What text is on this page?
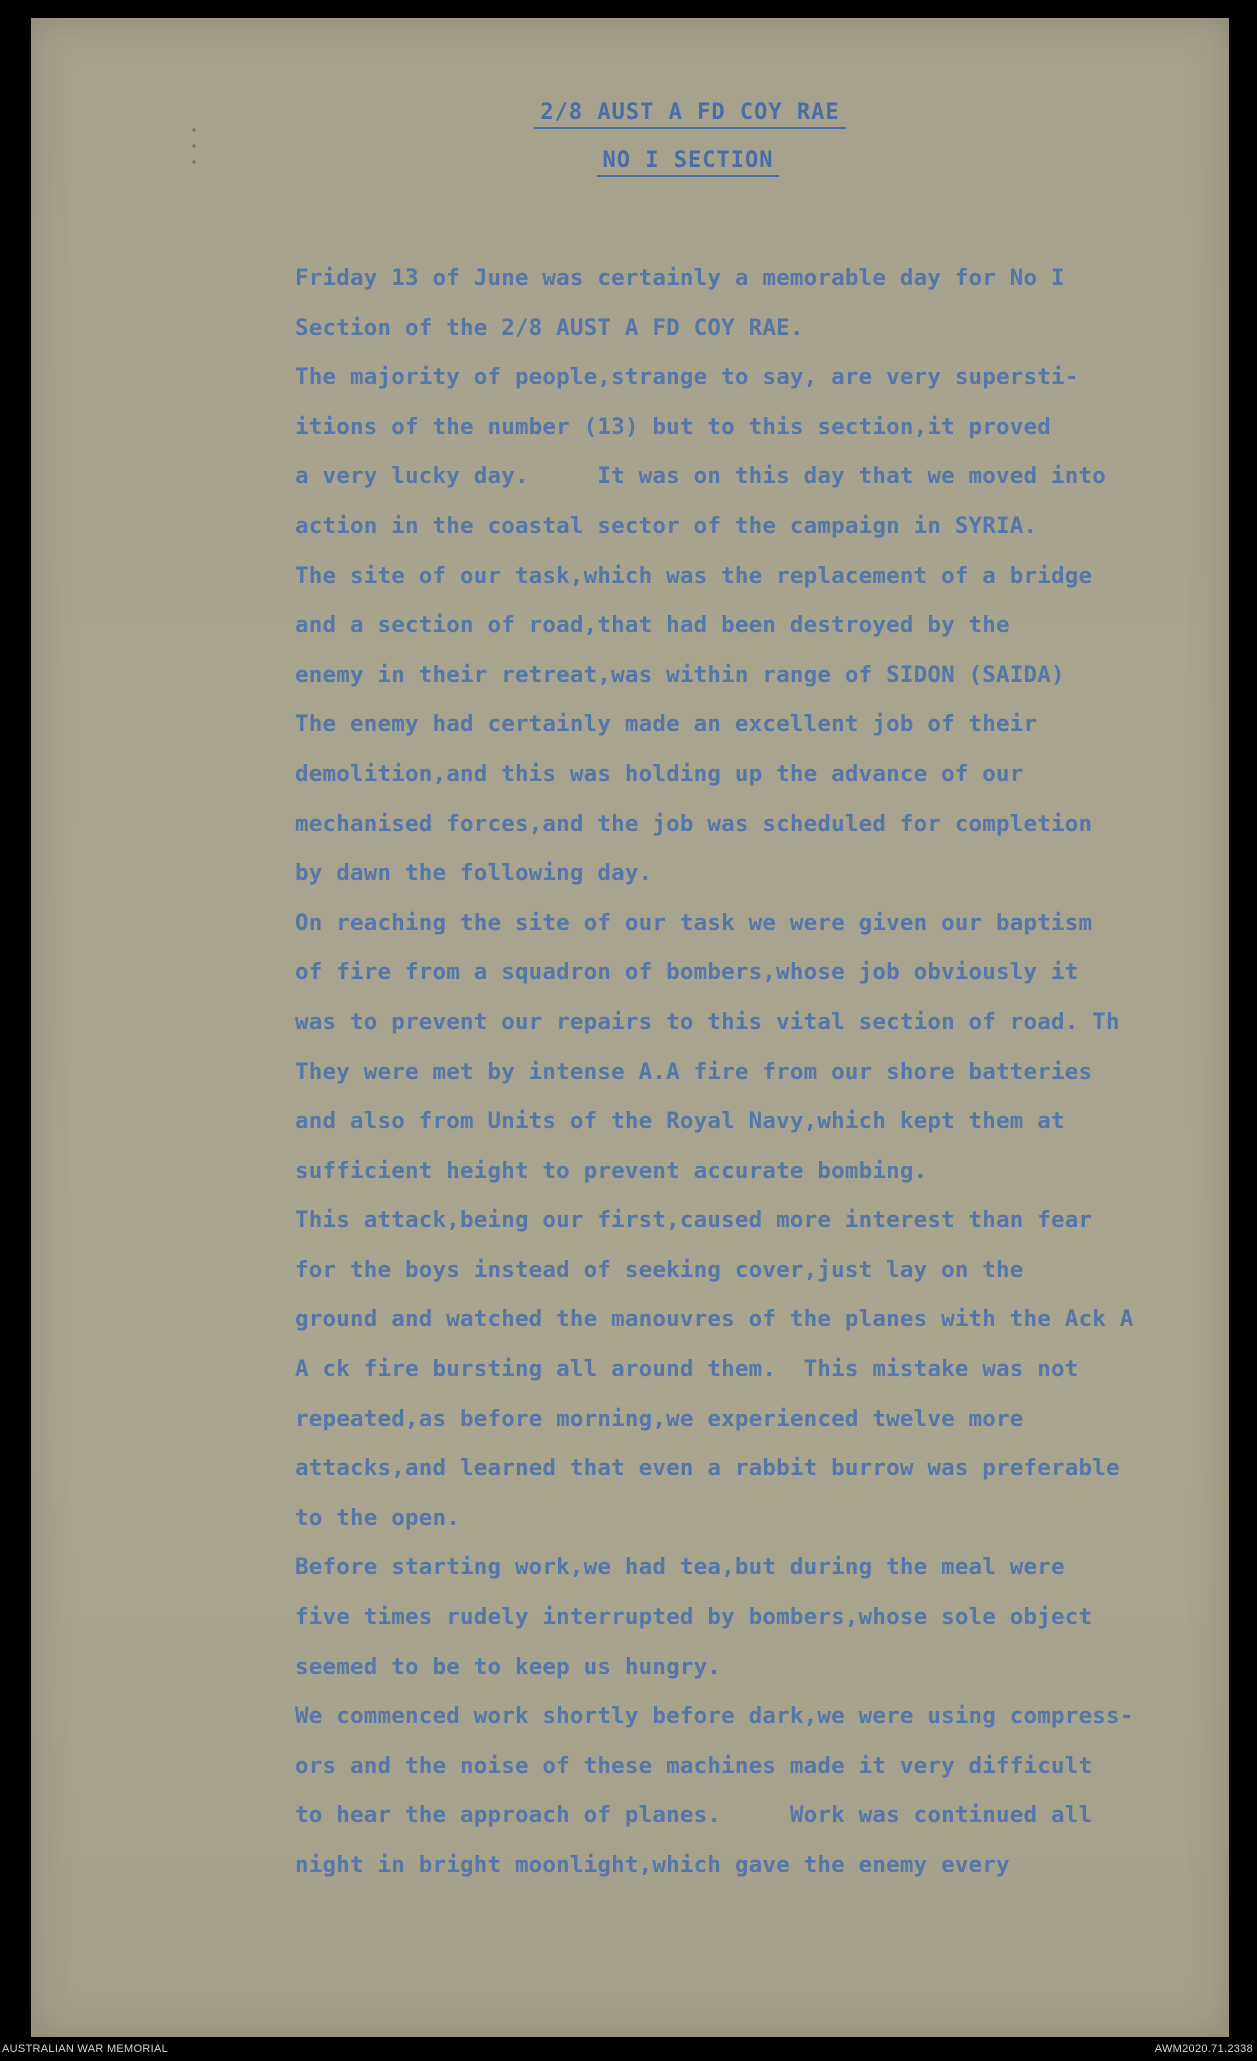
2/8 AUST A FD COY RAE
NO I SECTION
Friday 13 of June was certainly a memorable day for No I
Section of the 2/8 AUST A FD COY RAE.
The majority of people,strange to say, are very supersti-
itions of the number (13) but to this section,it proved
a very lucky day.     It was on this day that we moved into
action in the coastal sector of the campaign in SYRIA.
The site of our task,which was the replacement of a bridge
and a section of road,that had been destroyed by the
enemy in their retreat,was within range of SIDON (SAIDA)
The enemy had certainly made an excellent job of their
demolition,and this was holding up the advance of our
mechanised forces,and the job was scheduled for completion
by dawn the following day.
On reaching the site of our task we were given our baptism
of fire from a squadron of bombers,whose job obviously it
was to prevent our repairs to this vital section of road. Th
They were met by intense A.A fire from our shore batteries
and also from Units of the Royal Navy,which kept them at
sufficient height to prevent accurate bombing.
This attack,being our first,caused more interest than fear
for the boys instead of seeking cover,just lay on the
ground and watched the manouvres of the planes with the Ack A
A ck fire bursting all around them.  This mistake was not
repeated,as before morning,we experienced twelve more
attacks,and learned that even a rabbit burrow was preferable
to the open.
Before starting work,we had tea,but during the meal were
five times rudely interrupted by bombers,whose sole object
seemed to be to keep us hungry.
We commenced work shortly before dark,we were using compress-
ors and the noise of these machines made it very difficult
to hear the approach of planes.     Work was continued all
night in bright moonlight,which gave the enemy every
AUSTRALIAN WAR MEMORIAL	AWM2020.71.2338
